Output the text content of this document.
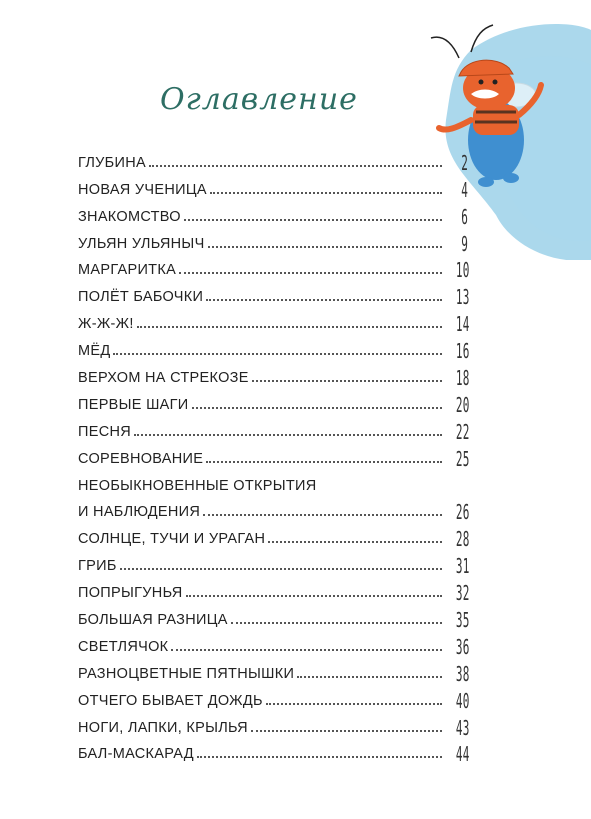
Оглавление
ГЛУБИНА	2
НОВАЯ УЧЕНИЦА	4
ЗНАКОМСТВО	6
УЛЬЯН УЛЬЯНЫЧ	9
МАРГАРИТКА	10
ПОЛЁТ БАБОЧКИ	13
Ж-Ж-Ж!	14
МЁД	16
ВЕРХОМ НА СТРЕКОЗЕ	18
ПЕРВЫЕ ШАГИ	20
ПЕСНЯ	22
СОРЕВНОВАНИЕ	25
НЕОБЫКНОВЕННЫЕ ОТКРЫТИЯ
И НАБЛЮДЕНИЯ	26
СОЛНЦЕ, ТУЧИ И УРАГАН	28
ГРИБ	31
ПОПРЫГУНЬЯ	32
БОЛЬШАЯ РАЗНИЦА	35
СВЕТЛЯЧОК	36
РАЗНОЦВЕТНЫЕ ПЯТНЫШКИ	38
ОТЧЕГО БЫВАЕТ ДОЖДЬ	40
НОГИ, ЛАПКИ, КРЫЛЬЯ	43
БАЛ-МАСКАРАД	44
